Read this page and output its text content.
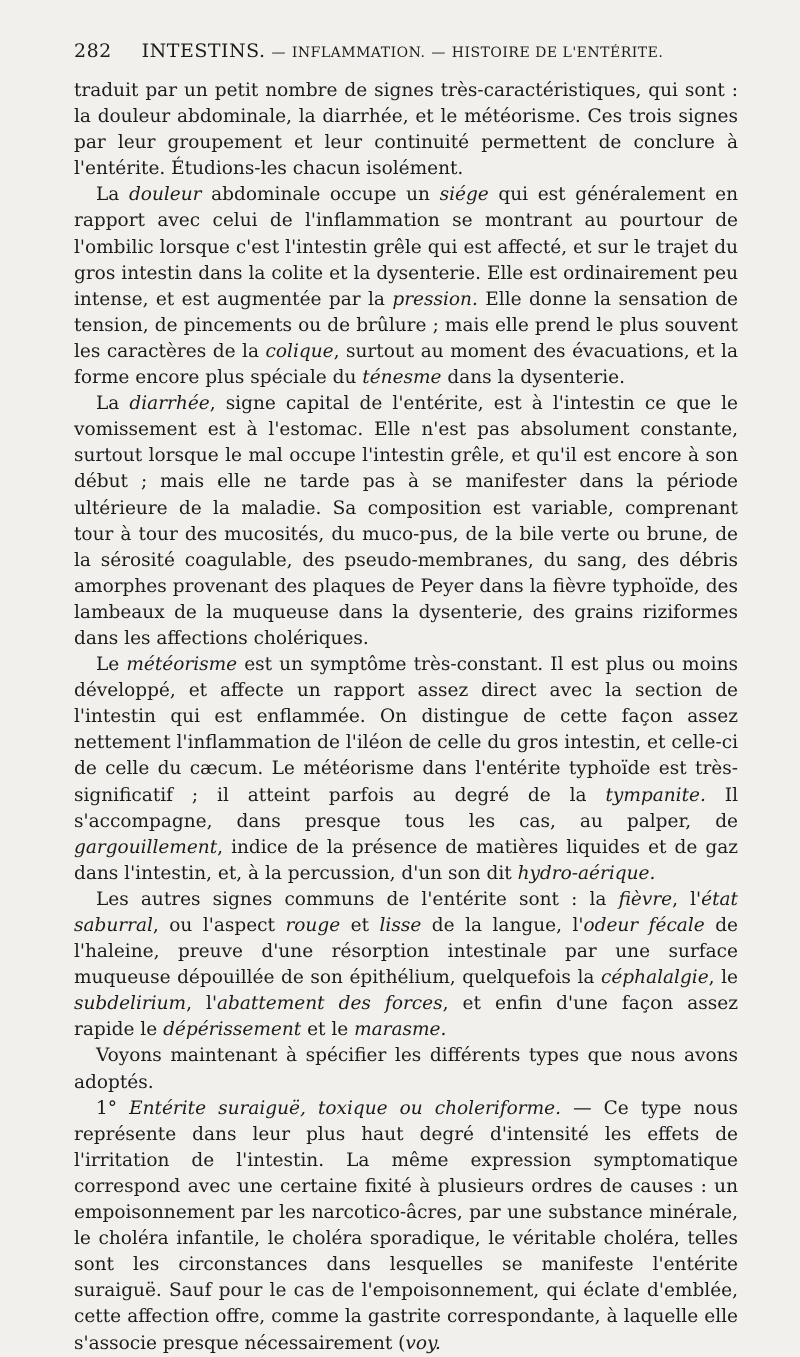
282 INTESTINS. — INFLAMMATION. — HISTOIRE DE L'ENTÉRITE.

traduit par un petit nombre de signes très-caractéristiques, qui sont : la douleur abdominale, la diarrhée, et le météorisme. Ces trois signes par leur groupement et leur continuité permettent de conclure à l'entérite. Étudions-les chacun isolément.

La douleur abdominale occupe un siége qui est généralement en rapport avec celui de l'inflammation se montrant au pourtour de l'ombilic lorsque c'est l'intestin grêle qui est affecté, et sur le trajet du gros intestin dans la colite et la dysenterie. Elle est ordinairement peu intense, et est augmentée par la pression. Elle donne la sensation de tension, de pincements ou de brûlure ; mais elle prend le plus souvent les caractères de la colique, surtout au moment des évacuations, et la forme encore plus spéciale du ténesme dans la dysenterie.

La diarrhée, signe capital de l'entérite, est à l'intestin ce que le vomissement est à l'estomac. Elle n'est pas absolument constante, surtout lorsque le mal occupe l'intestin grêle, et qu'il est encore à son début ; mais elle ne tarde pas à se manifester dans la période ultérieure de la maladie. Sa composition est variable, comprenant tour à tour des mucosités, du muco-pus, de la bile verte ou brune, de la sérosité coagulable, des pseudo-membranes, du sang, des débris amorphes provenant des plaques de Peyer dans la fièvre typhoïde, des lambeaux de la muqueuse dans la dysenterie, des grains riziformes dans les affections cholériques.

Le météorisme est un symptôme très-constant. Il est plus ou moins développé, et affecte un rapport assez direct avec la section de l'intestin qui est enflammée. On distingue de cette façon assez nettement l'inflammation de l'iléon de celle du gros intestin, et celle-ci de celle du cæcum. Le météorisme dans l'entérite typhoïde est très-significatif ; il atteint parfois au degré de la tympanite. Il s'accompagne, dans presque tous les cas, au palper, de gargouillement, indice de la présence de matières liquides et de gaz dans l'intestin, et, à la percussion, d'un son dit hydro-aérique.

Les autres signes communs de l'entérite sont : la fièvre, l'état saburral, ou l'aspect rouge et lisse de la langue, l'odeur fécale de l'haleine, preuve d'une résorption intestinale par une surface muqueuse dépouillée de son épithélium, quelquefois la céphalalgie, le subdelirium, l'abattement des forces, et enfin d'une façon assez rapide le dépérissement et le marasme.

Voyons maintenant à spécifier les différents types que nous avons adoptés.

1° Entérite suraiguë, toxique ou choleriforme. — Ce type nous représente dans leur plus haut degré d'intensité les effets de l'irritation de l'intestin. La même expression symptomatique correspond avec une certaine fixité à plusieurs ordres de causes : un empoisonnement par les narcotico-âcres, par une substance minérale, le choléra infantile, le choléra sporadique, le véritable choléra, telles sont les circonstances dans lesquelles se manifeste l'entérite suraiguë. Sauf pour le cas de l'empoisonnement, qui éclate d'emblée, cette affection offre, comme la gastrite correspondante, à laquelle elle s'associe presque nécessairement (voy.
